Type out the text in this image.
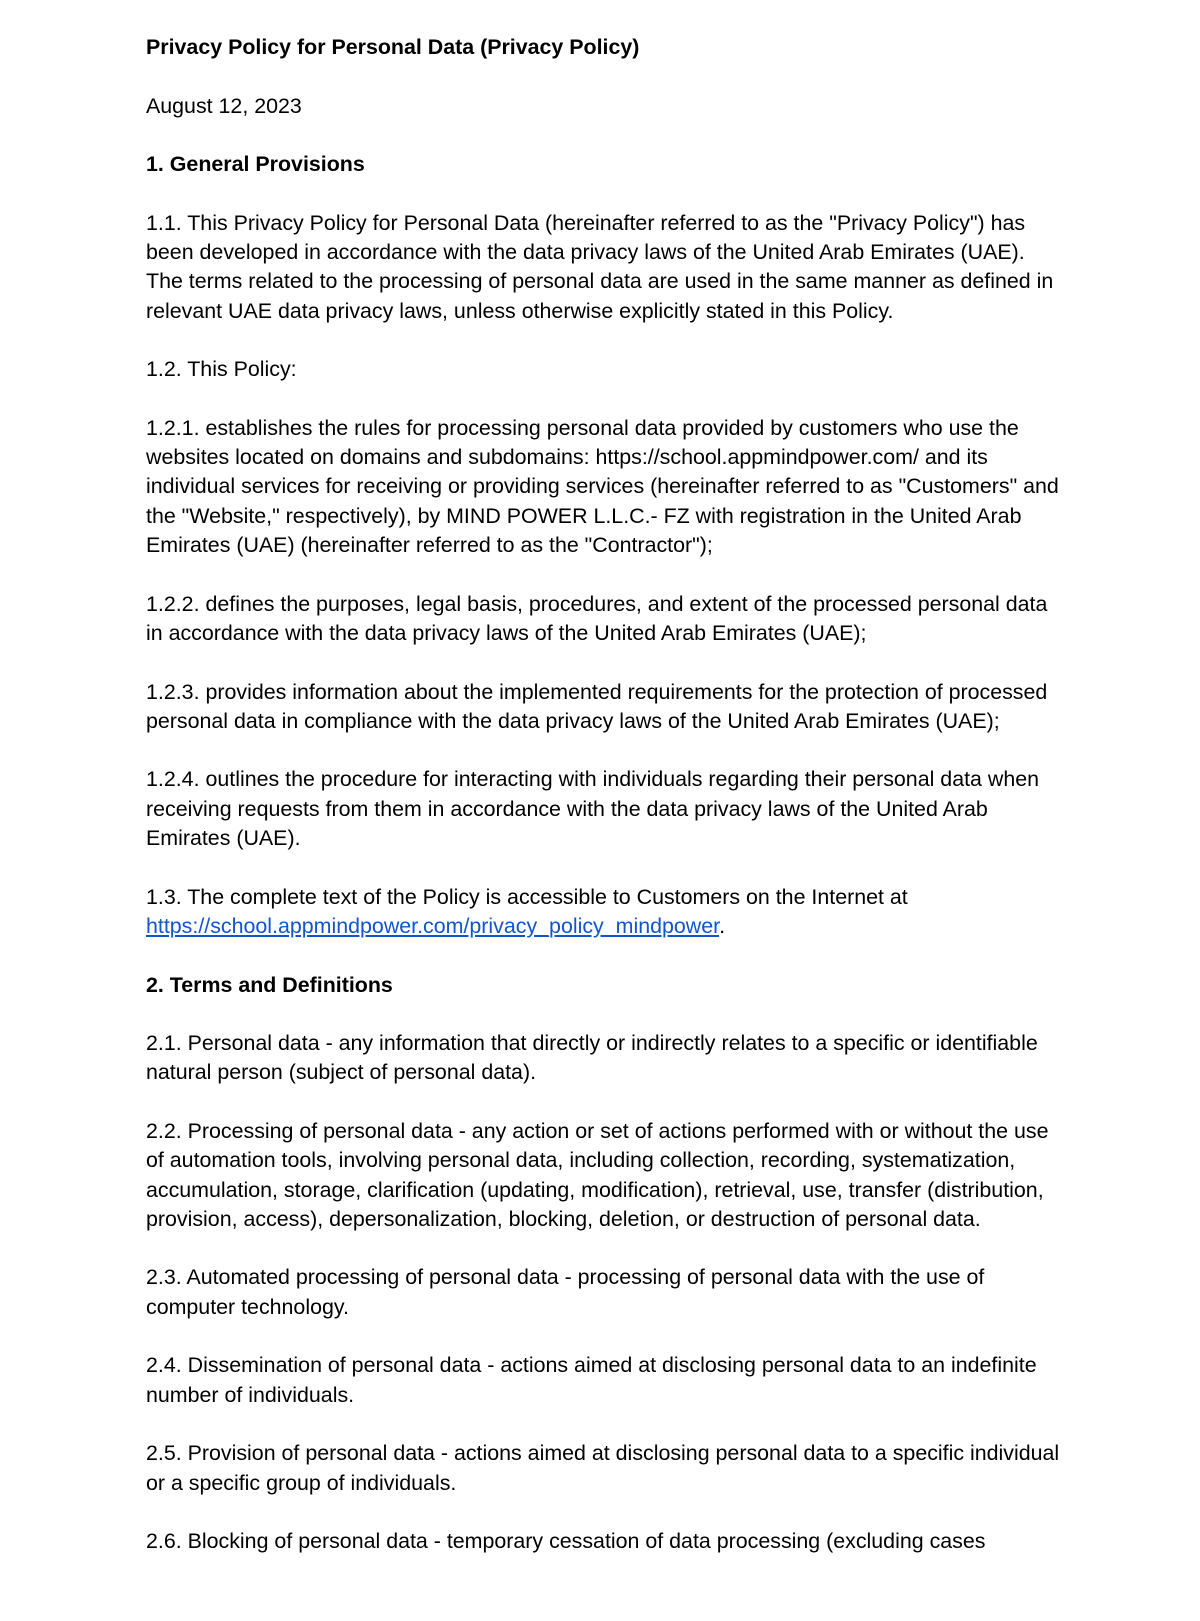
Privacy Policy for Personal Data (Privacy Policy)
August 12, 2023
1. General Provisions
1.1. This Privacy Policy for Personal Data (hereinafter referred to as the "Privacy Policy") has been developed in accordance with the data privacy laws of the United Arab Emirates (UAE). The terms related to the processing of personal data are used in the same manner as defined in relevant UAE data privacy laws, unless otherwise explicitly stated in this Policy.
1.2. This Policy:
1.2.1. establishes the rules for processing personal data provided by customers who use the websites located on domains and subdomains: https://school.appmindpower.com/ and its individual services for receiving or providing services (hereinafter referred to as "Customers" and the "Website," respectively), by MIND POWER L.L.C.- FZ with registration in the United Arab Emirates (UAE) (hereinafter referred to as the "Contractor");
1.2.2. defines the purposes, legal basis, procedures, and extent of the processed personal data in accordance with the data privacy laws of the United Arab Emirates (UAE);
1.2.3. provides information about the implemented requirements for the protection of processed personal data in compliance with the data privacy laws of the United Arab Emirates (UAE);
1.2.4. outlines the procedure for interacting with individuals regarding their personal data when receiving requests from them in accordance with the data privacy laws of the United Arab Emirates (UAE).
1.3. The complete text of the Policy is accessible to Customers on the Internet at
https://school.appmindpower.com/privacy_policy_mindpower.
2. Terms and Definitions
2.1. Personal data - any information that directly or indirectly relates to a specific or identifiable natural person (subject of personal data).
2.2. Processing of personal data - any action or set of actions performed with or without the use of automation tools, involving personal data, including collection, recording, systematization, accumulation, storage, clarification (updating, modification), retrieval, use, transfer (distribution, provision, access), depersonalization, blocking, deletion, or destruction of personal data.
2.3. Automated processing of personal data - processing of personal data with the use of computer technology.
2.4. Dissemination of personal data - actions aimed at disclosing personal data to an indefinite number of individuals.
2.5. Provision of personal data - actions aimed at disclosing personal data to a specific individual or a specific group of individuals.
2.6. Blocking of personal data - temporary cessation of data processing (excluding cases
